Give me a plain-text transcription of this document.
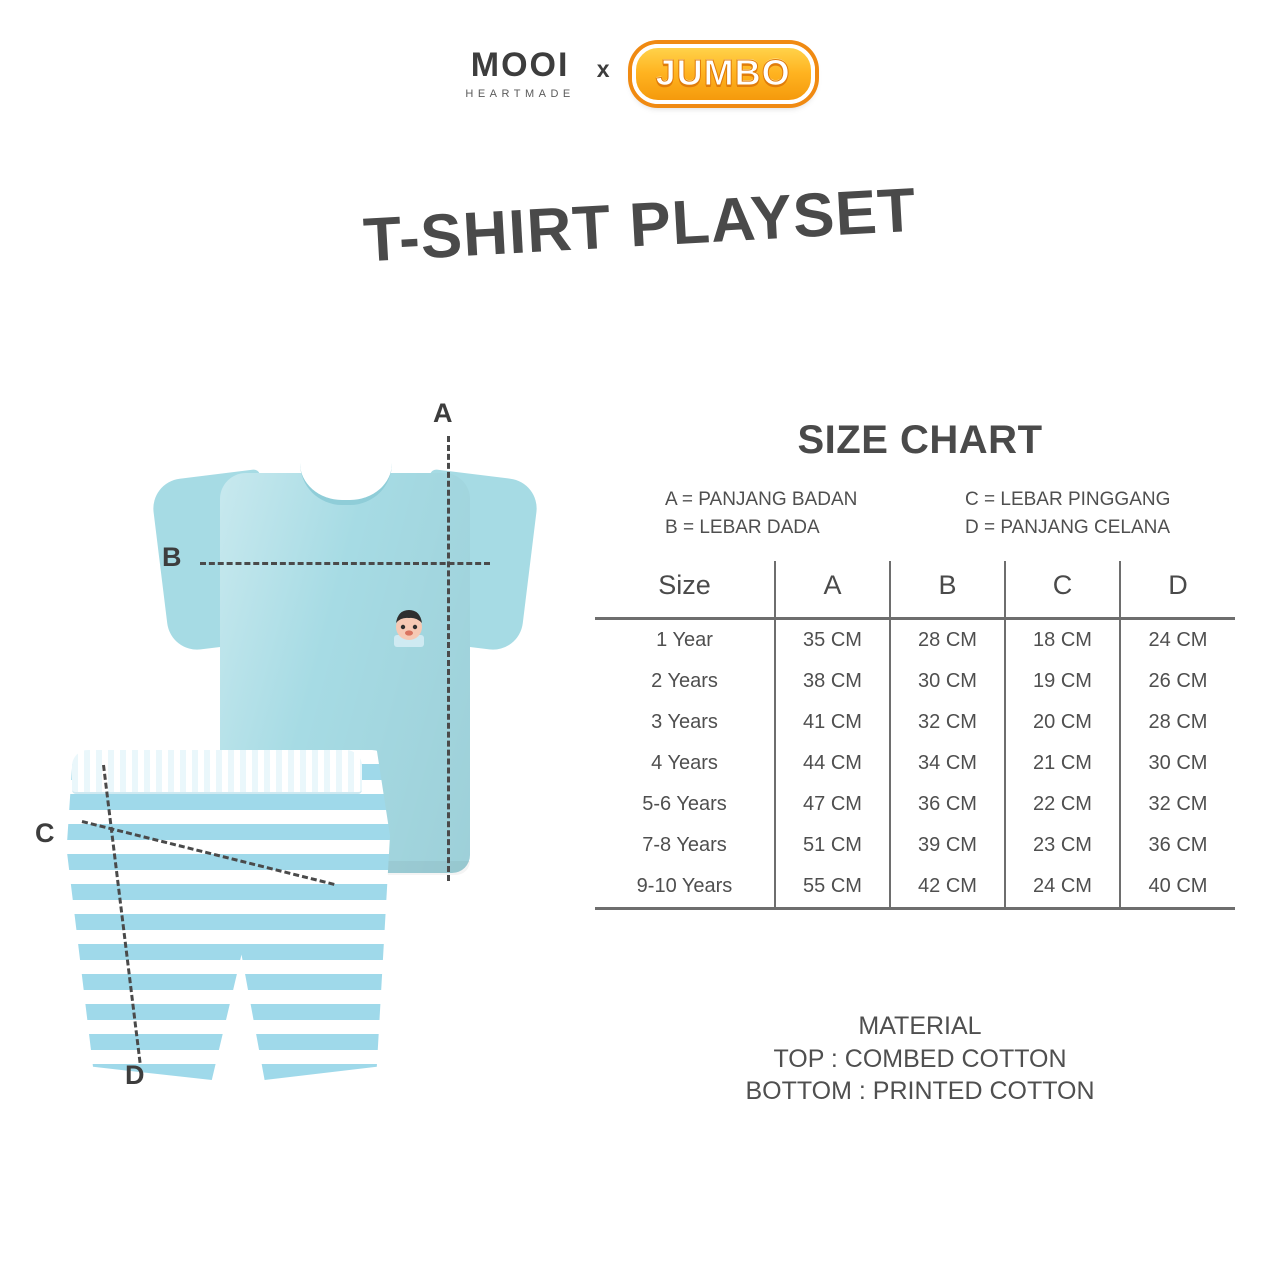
MOOI
HEARTMADE
x JUMBO
T-SHIRT PLAYSET
A
B
C
D
SIZE CHART
A = PANJANG BADAN	C = LEBAR PINGGANG
B = LEBAR DADA	D = PANJANG CELANA
Size	A	B	C	D
1 Year	35 CM	28 CM	18 CM	24 CM
2 Years	38 CM	30 CM	19 CM	26 CM
3 Years	41 CM	32 CM	20 CM	28 CM
4 Years	44 CM	34 CM	21 CM	30 CM
5-6 Years	47 CM	36 CM	22 CM	32 CM
7-8 Years	51 CM	39 CM	23 CM	36 CM
9-10 Years	55 CM	42 CM	24 CM	40 CM
MATERIAL
TOP : COMBED COTTON
BOTTOM : PRINTED COTTON
